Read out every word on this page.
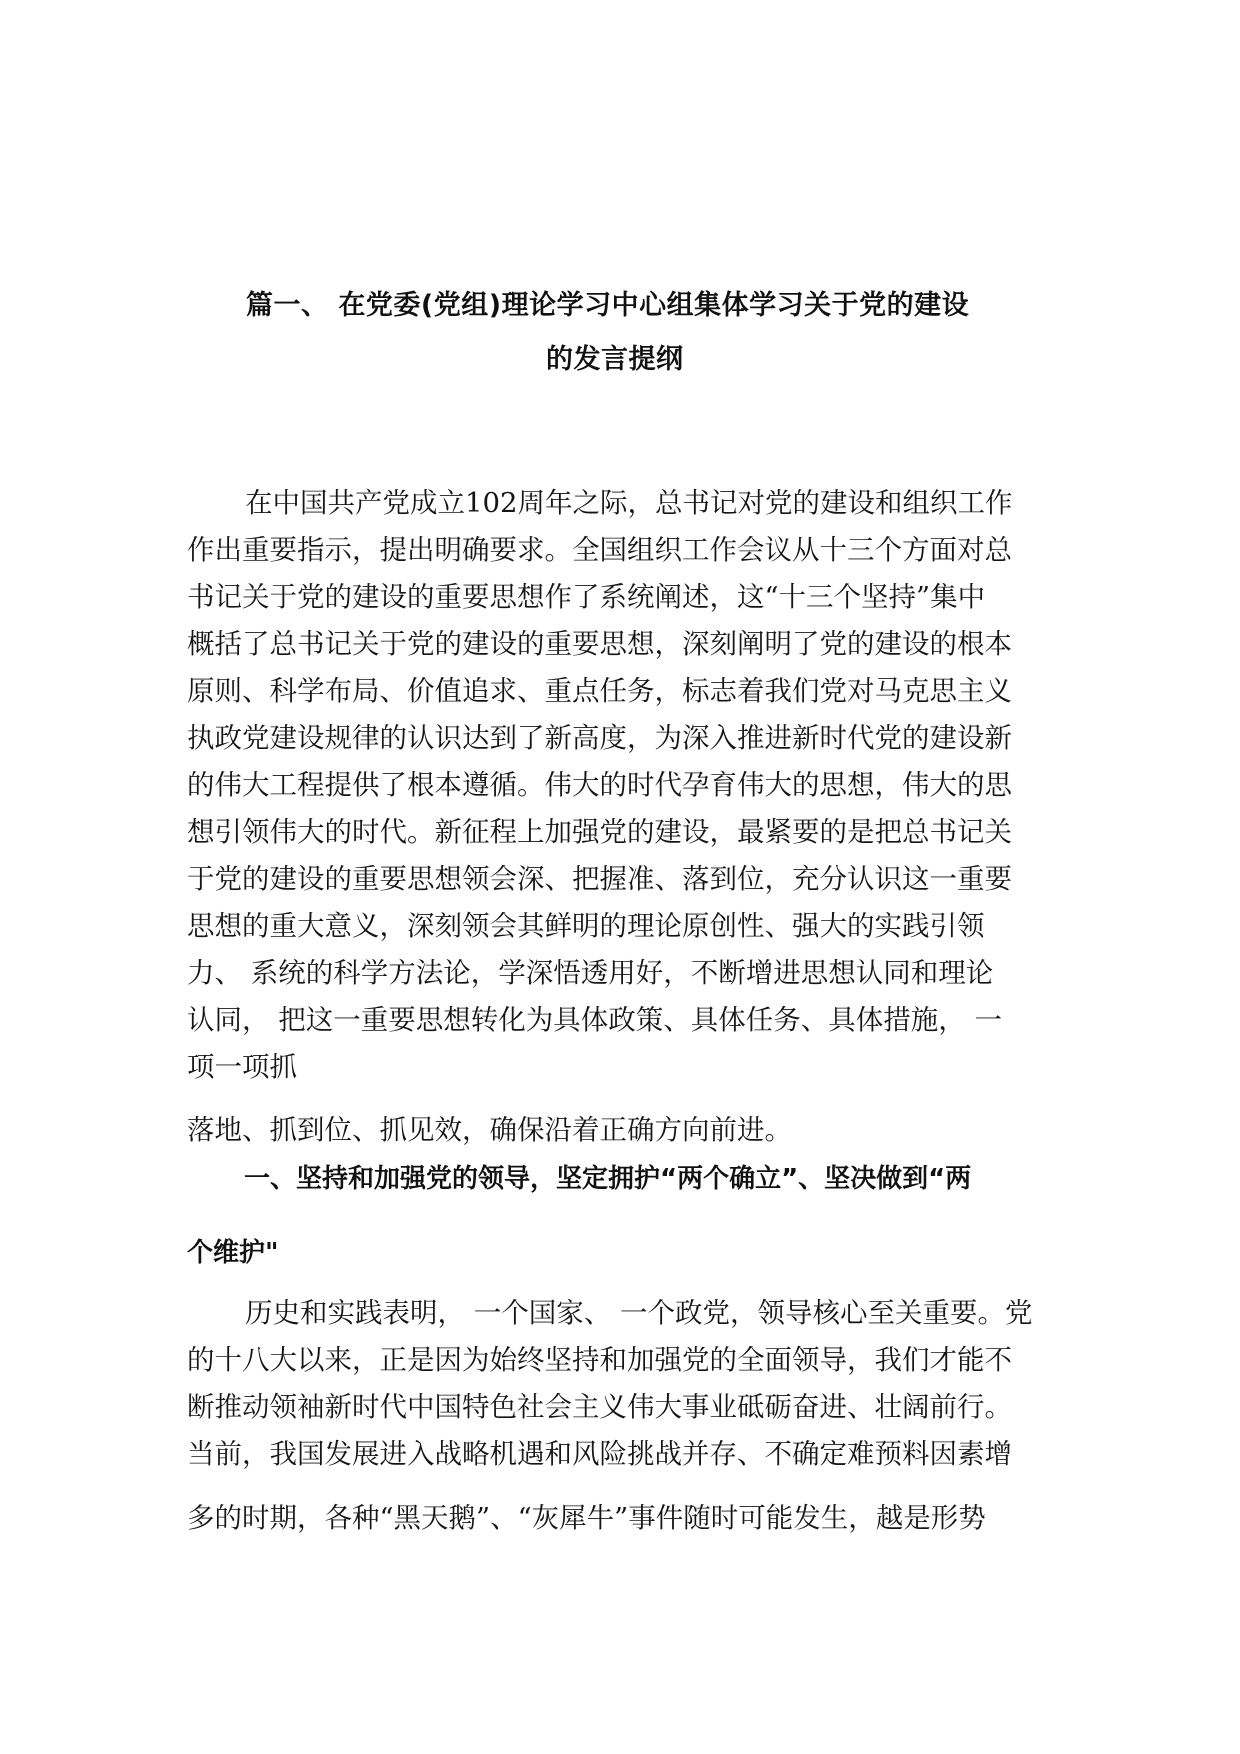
篇一、 在党委(党组)理论学习中心组集体学习关于党的建设
的发言提纲
在中国共产党成立102周年之际，总书记对党的建设和组织工作
作出重要指示，提出明确要求。全国组织工作会议从十三个方面对总
书记关于党的建设的重要思想作了系统阐述，这“十三个坚持”集中
概括了总书记关于党的建设的重要思想，深刻阐明了党的建设的根本
原则、科学布局、价值追求、重点任务，标志着我们党对马克思主义
执政党建设规律的认识达到了新高度，为深入推进新时代党的建设新
的伟大工程提供了根本遵循。伟大的时代孕育伟大的思想，伟大的思
想引领伟大的时代。新征程上加强党的建设，最紧要的是把总书记关
于党的建设的重要思想领会深、把握准、落到位，充分认识这一重要
思想的重大意义，深刻领会其鲜明的理论原创性、强大的实践引领
力、 系统的科学方法论，学深悟透用好，不断增进思想认同和理论
认同， 把这一重要思想转化为具体政策、具体任务、具体措施， 一
项一项抓
落地、抓到位、抓见效，确保沿着正确方向前进。
一、坚持和加强党的领导，坚定拥护“两个确立”、坚决做到“两
个维护"
历史和实践表明， 一个国家、 一个政党，领导核心至关重要。党
的十八大以来，正是因为始终坚持和加强党的全面领导，我们才能不
断推动领袖新时代中国特色社会主义伟大事业砥砺奋进、壮阔前行。
当前，我国发展进入战略机遇和风险挑战并存、不确定难预料因素增
多的时期，各种“黑天鹅”、“灰犀牛”事件随时可能发生，越是形势
